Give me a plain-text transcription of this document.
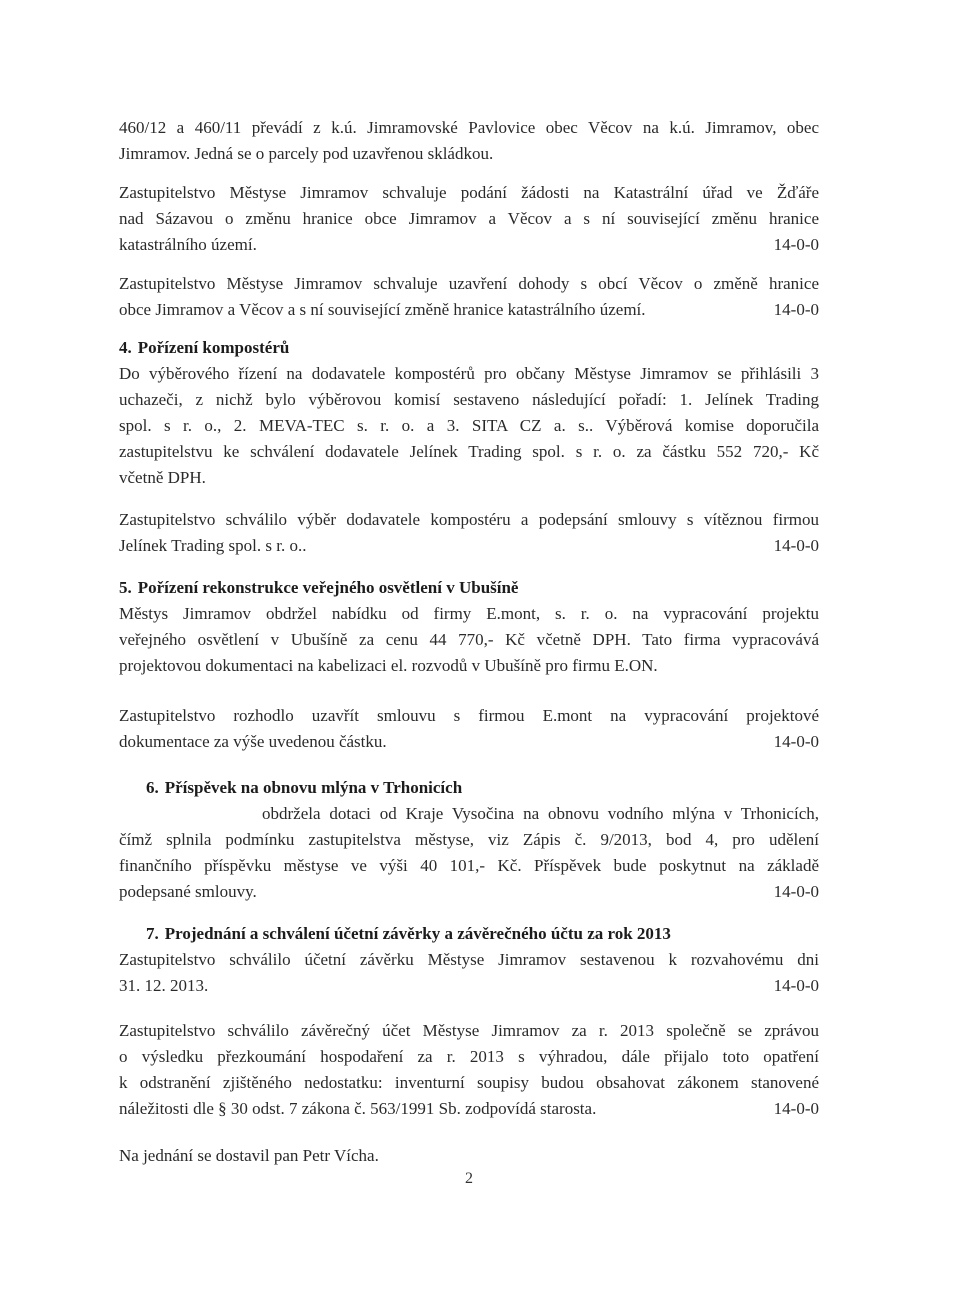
460/12 a 460/11 převádí z k.ú. Jimramovské Pavlovice obec Věcov na k.ú. Jimramov, obec
Jimramov. Jedná se o parcely pod uzavřenou skládkou.
Zastupitelstvo Městyse Jimramov schvaluje podání žádosti na Katastrální úřad ve Žďáře
nad Sázavou o změnu hranice obce Jimramov a Věcov a s ní související změnu hranice
katastrálního území.	14-0-0
Zastupitelstvo Městyse Jimramov schvaluje uzavření dohody s obcí Věcov o změně hranice
obce Jimramov a Věcov a s ní související změně hranice katastrálního území.	14-0-0
4. Pořízení kompostérů
Do výběrového řízení na dodavatele kompostérů pro občany Městyse Jimramov se přihlásili 3
uchazeči, z nichž bylo výběrovou komisí sestaveno následující pořadí: 1. Jelínek Trading
spol. s r. o., 2. MEVA-TEC s. r. o. a 3. SITA CZ a. s.. Výběrová komise doporučila
zastupitelstvu ke schválení dodavatele Jelínek Trading spol. s r. o. za částku 552 720,- Kč
včetně DPH.
Zastupitelstvo schválilo výběr dodavatele kompostéru a podepsání smlouvy s vítěznou firmou
Jelínek Trading spol. s r. o..	14-0-0
5. Pořízení rekonstrukce veřejného osvětlení v Ubušíně
Městys Jimramov obdržel nabídku od firmy E.mont, s. r. o. na vypracování projektu
veřejného osvětlení v Ubušíně za cenu 44 770,- Kč včetně DPH. Tato firma vypracovává
projektovou dokumentaci na kabelizaci el. rozvodů v Ubušíně pro firmu E.ON.
Zastupitelstvo rozhodlo uzavřít smlouvu s firmou E.mont na vypracování projektové
dokumentace za výše uvedenou částku.	14-0-0
6. Příspěvek na obnovu mlýna v Trhonicích
obdržela dotaci od Kraje Vysočina na obnovu vodního mlýna v Trhonicích,
čímž splnila podmínku zastupitelstva městyse, viz Zápis č. 9/2013, bod 4, pro udělení
finančního příspěvku městyse ve výši 40 101,- Kč. Příspěvek bude poskytnut na základě
podepsané smlouvy.	14-0-0
7. Projednání a schválení účetní závěrky a závěrečného účtu za rok 2013
Zastupitelstvo schválilo účetní závěrku Městyse Jimramov sestavenou k rozvahovému dni
31. 12. 2013.	14-0-0
Zastupitelstvo schválilo závěrečný účet Městyse Jimramov za r. 2013 společně se zprávou
o výsledku přezkoumání hospodaření za r. 2013 s výhradou, dále přijalo toto opatření
k odstranění zjištěného nedostatku: inventurní soupisy budou obsahovat zákonem stanovené
náležitosti dle § 30 odst. 7 zákona č. 563/1991 Sb. zodpovídá starosta.	14-0-0
Na jednání se dostavil pan Petr Vícha.
2
